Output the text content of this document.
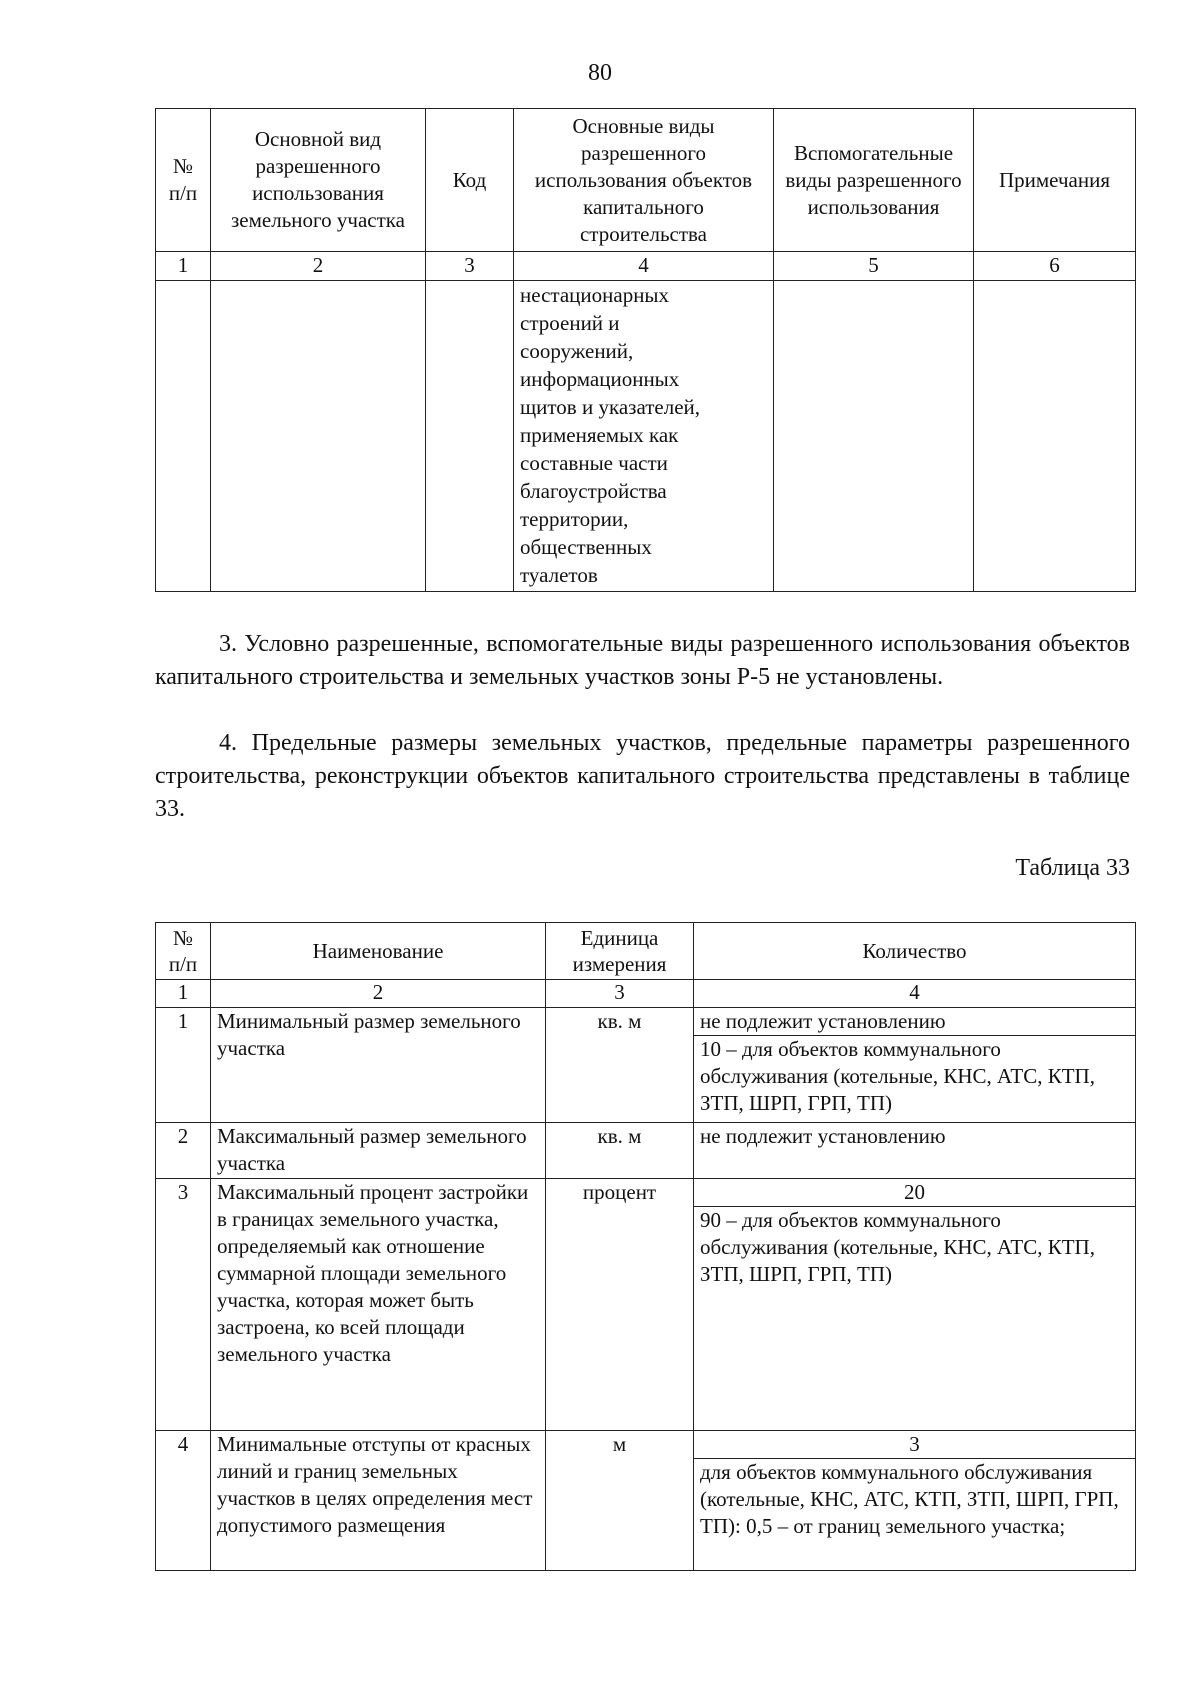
80
№ п/п	Основной вид разрешенного использования земельного участка	Код	Основные виды разрешенного использования объектов капитального строительства	Вспомогательные виды разрешенного использования	Примечания
1	2	3	4	5	6
			нестационарных строений и сооружений, информационных щитов и указателей, применяемых как составные части благоустройства территории, общественных туалетов		
3. Условно разрешенные, вспомогательные виды разрешенного использования объектов капитального строительства и земельных участков зоны Р-5 не установлены.
4. Предельные размеры земельных участков, предельные параметры разрешенного строительства, реконструкции объектов капитального строительства представлены в таблице 33.
Таблица 33
№ п/п	Наименование	Единица измерения	Количество
1	2	3	4
1	Минимальный размер земельного участка	кв. м	не подлежит установлению
10 – для объектов коммунального обслуживания (котельные, КНС, АТС, КТП, ЗТП, ШРП, ГРП, ТП)

2	Максимальный размер земельного участка	кв. м	не подлежит установлению

3	Максимальный процент застройки в границах земельного участка, определяемый как отношение суммарной площади земельного участка, которая может быть застроена, ко всей площади земельного участка	процент	20
90 – для объектов коммунального обслуживания (котельные, КНС, АТС, КТП, ЗТП, ШРП, ГРП, ТП)

4	Минимальные отступы от красных линий и границ земельных участков в целях определения мест допустимого размещения	м	3
для объектов коммунального обслуживания (котельные, КНС, АТС, КТП, ЗТП, ШРП, ГРП, ТП): 0,5 – от границ земельного участка;
